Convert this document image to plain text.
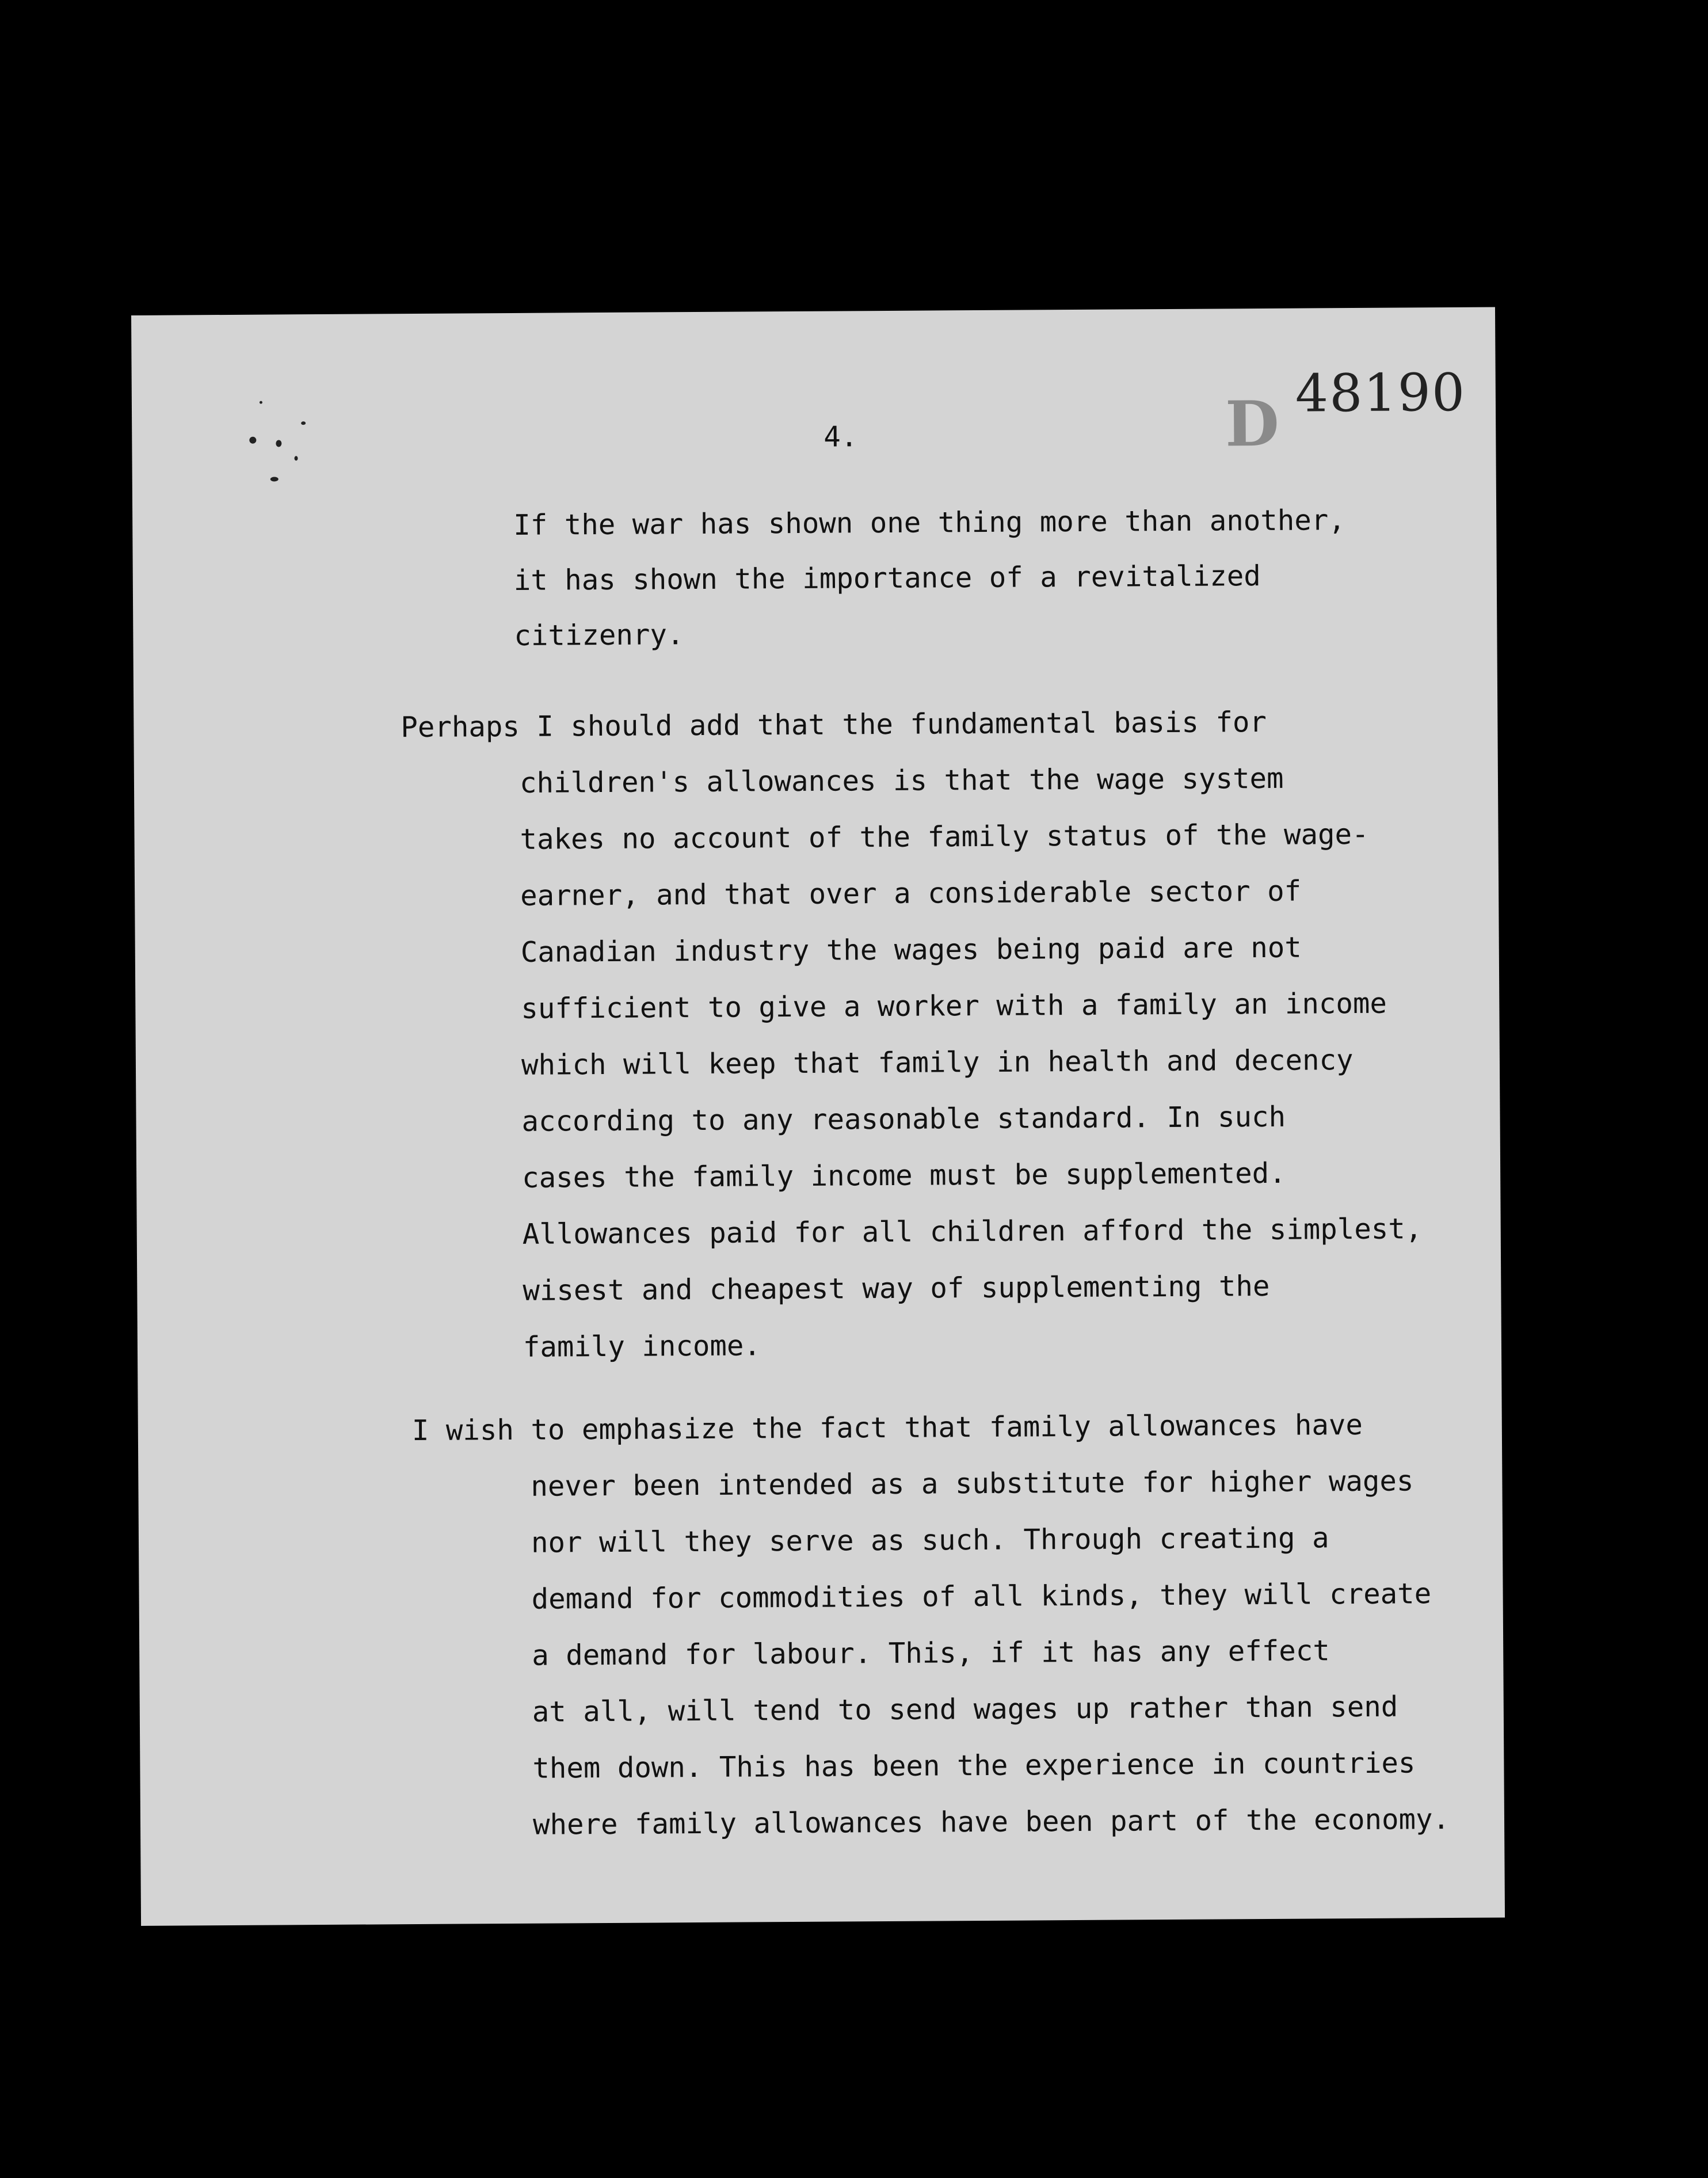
4.	D 48190
If the war has shown one thing more than another,
it has shown the importance of a revitalized
citizenry.
Perhaps I should add that the fundamental basis for
children's allowances is that the wage system
takes no account of the family status of the wage-
earner, and that over a considerable sector of
Canadian industry the wages being paid are not
sufficient to give a worker with a family an income
which will keep that family in health and decency
according to any reasonable standard. In such
cases the family income must be supplemented.
Allowances paid for all children afford the simplest,
wisest and cheapest way of supplementing the
family income.
I wish to emphasize the fact that family allowances have
never been intended as a substitute for higher wages
nor will they serve as such. Through creating a
demand for commodities of all kinds, they will create
a demand for labour. This, if it has any effect
at all, will tend to send wages up rather than send
them down. This has been the experience in countries
where family allowances have been part of the economy.
